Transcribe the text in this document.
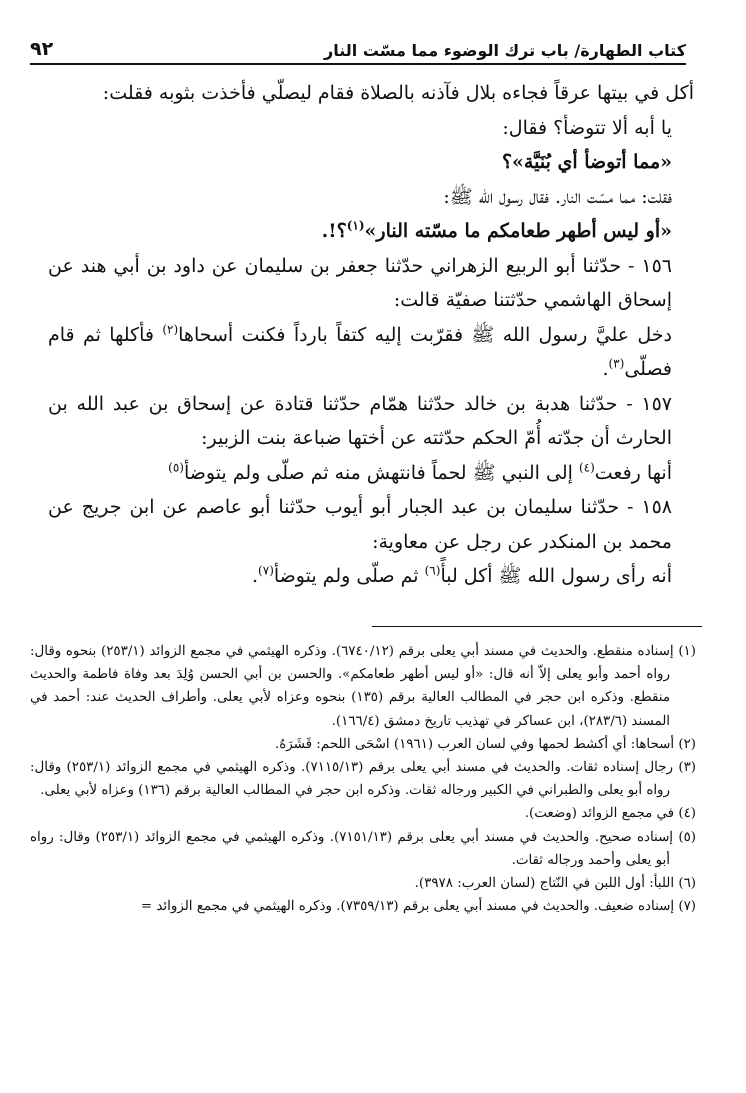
كتاب الطهارة/ باب ترك الوضوء مما مسّت النار
٩٢

أكل في بيتها عرقاً فجاءه بلال فآذنه بالصلاة فقام ليصلّي فأخذت بثوبه فقلت:

يا أبه ألا تتوضأ؟ فقال:

«مما أتوضأ أي بُنَيَّة»؟

فقلت: مما مسّت النار. فقال رسول الله ﷺ:

«أو ليس أطهر طعامكم ما مسّته النار»$^{(١)}$؟!.

١٥٦ - حدّثنا أبو الربيع الزهراني حدّثنا جعفر بن سليمان عن داود بن أبي هند عن إسحاق الهاشمي حدّثتنا صفيّة قالت:

دخل عليَّ رسول الله ﷺ فقرّبت إليه كتفاً بارداً فكنت أسحاها$^{(٢)}$ فأكلها ثم قام فصلّى$^{(٣)}$.

١٥٧ - حدّثنا هدبة بن خالد حدّثنا همّام حدّثنا قتادة عن إسحاق بن عبد الله بن الحارث أن جدّته أُمّ الحكم حدّثته عن أختها ضباعة بنت الزبير:

أنها رفعت$^{(٤)}$ إلى النبي ﷺ لحماً فانتهش منه ثم صلّى ولم يتوضأ$^{(٥)}$

١٥٨ - حدّثنا سليمان بن عبد الجبار أبو أيوب حدّثنا أبو عاصم عن ابن جريج عن محمد بن المنكدر عن رجل عن معاوية:

أنه رأى رسول الله ﷺ أكل لبأً$^{(٦)}$ ثم صلّى ولم يتوضأ$^{(٧)}$.

(١) إسناده منقطع. والحديث في مسند أبي يعلى برقم (٦٧٤٠/١٢). وذكره الهيثمي في مجمع الزوائد (٢٥٣/١) بنحوه وقال: رواه أحمد وأبو يعلى إلاّ أنه قال: «أو ليس أطهر طعامكم». والحسن بن أبي الحسن وُلِدَ بعد وفاة فاطمة والحديث منقطع. وذكره ابن حجر في المطالب العالية برقم (١٣٥) بنحوه وعزاه لأبي يعلى. وأطراف الحديث عند: أحمد في المسند (٢٨٣/٦)، ابن عساكر في تهذيب تاريخ دمشق (١٦٦/٤).

(٢) أسحاها: أي أكشط لحمها وفي لسان العرب (١٩٦١) اسْحَى اللحم: قَشَرَهُ.

(٣) رجال إسناده ثقات. والحديث في مسند أبي يعلى برقم (٧١١٥/١٣). وذكره الهيثمي في مجمع الزوائد (٢٥٣/١) وقال: رواه أبو يعلى والطبراني في الكبير ورجاله ثقات. وذكره ابن حجر في المطالب العالية برقم (١٣٦) وعزاه لأبي يعلى.

(٤) في مجمع الزوائد (وضعت).

(٥) إسناده صحيح. والحديث في مسند أبي يعلى برقم (٧١٥١/١٣). وذكره الهيثمي في مجمع الزوائد (٢٥٣/١) وقال: رواه أبو يعلى وأحمد ورجاله ثقات.

(٦) اللبأ: أول اللبن في النّتاج (لسان العرب: ٣٩٧٨).

(٧) إسناده ضعيف. والحديث في مسند أبي يعلى برقم (٧٣٥٩/١٣). وذكره الهيثمي في مجمع الزوائد =
